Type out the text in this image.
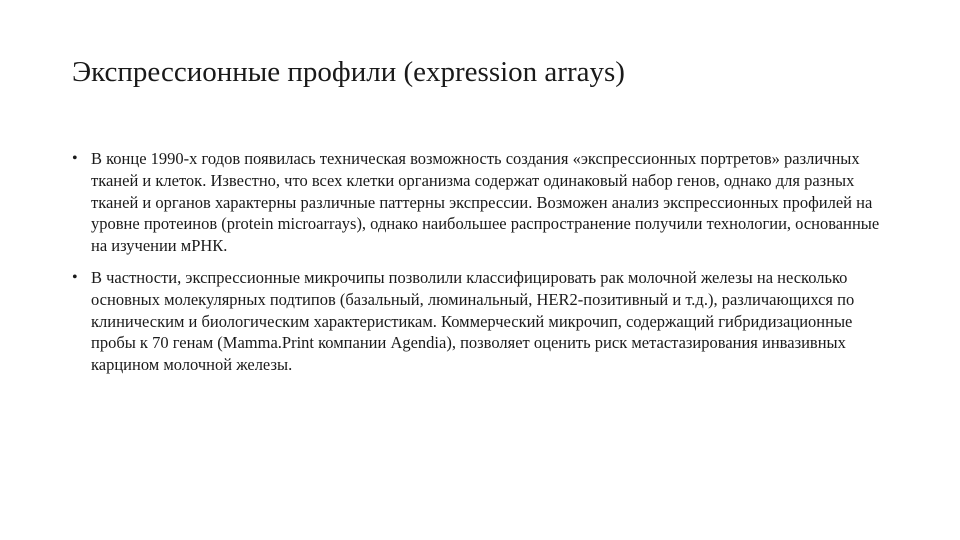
Экспрессионные профили (expression arrays)
• В конце 1990-х годов появилась техническая возможность создания «экспрессионных портретов» различных тканей и клеток. Известно, что всех клетки организма содержат одинаковый набор генов, однако для разных тканей и органов характерны различные паттерны экспрессии. Возможен анализ экспрессионных профилей на уровне протеинов (protein microarrays), однако наибольшее распространение получили технологии, основанные на изучении мРНК.
• В частности, экспрессионные микрочипы позволили классифицировать рак молочной железы на несколько основных молекулярных подтипов (базальный, люминальный, HER2-позитивный и т.д.), различающихся по клиническим и биологическим характеристикам. Коммерческий микрочип, содержащий гибридизационные пробы к 70 генам (Mamma.Print компании Agendia), позволяет оценить риск метастазирования инвазивных карцином молочной железы.
